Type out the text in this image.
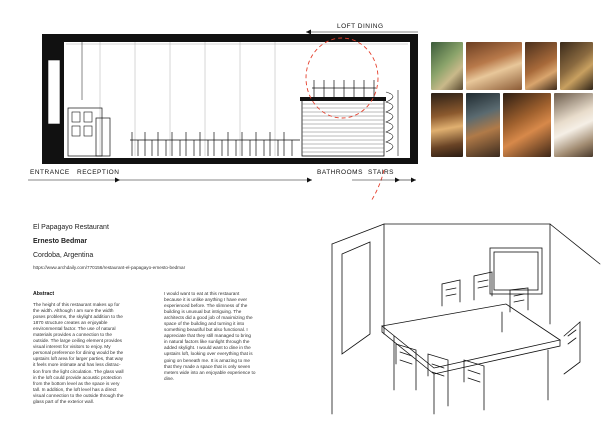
LOFT DINING
ENTRANCE RECEPTION	BATHROOMS STAIRS
El Papagayo Restaurant
Ernesto Bedmar
Cordoba, Argentina
https://www.archdaily.com/770156/restaurant-el-papagayo-ernesto-bedmar
Abstract
The height of this restaurant makes up for
the width. Although I am sure the width
poses problems, the skylight addition to the
1870 structure creates an enjoyable
environmental factor. The use of natural
materials provides a connection to the
outside. The large ceiling element provides
visual interest for visitors to enjoy. My
personal preference for dining would be the
upstairs loft area for larger parties, that way
it feels more intimate and has less distrac-
tion from the light circulation. The glass wall
in the loft could provide acoustic protection
from the bottom level as the space is very
tall. In addition, the loft level has a direct
visual connection to the outside through the
glass part of the exterior wall.
I would want to eat at this restaurant
because it is unlike anything I have ever
experienced before. The slimness of the
building is unusual but intriguing. The
architects did a good job of maximizing the
space of the building and turning it into
something beautiful but also functional. I
appreciate that they still managed to bring
in natural factors like sunlight through the
added skylight. I would want to dine in the
upstairs loft, looking over everything that is
going on beneath me. It is amazing to me
that they made a space that is only seven
meters wide into an enjoyable experience to
dine.
